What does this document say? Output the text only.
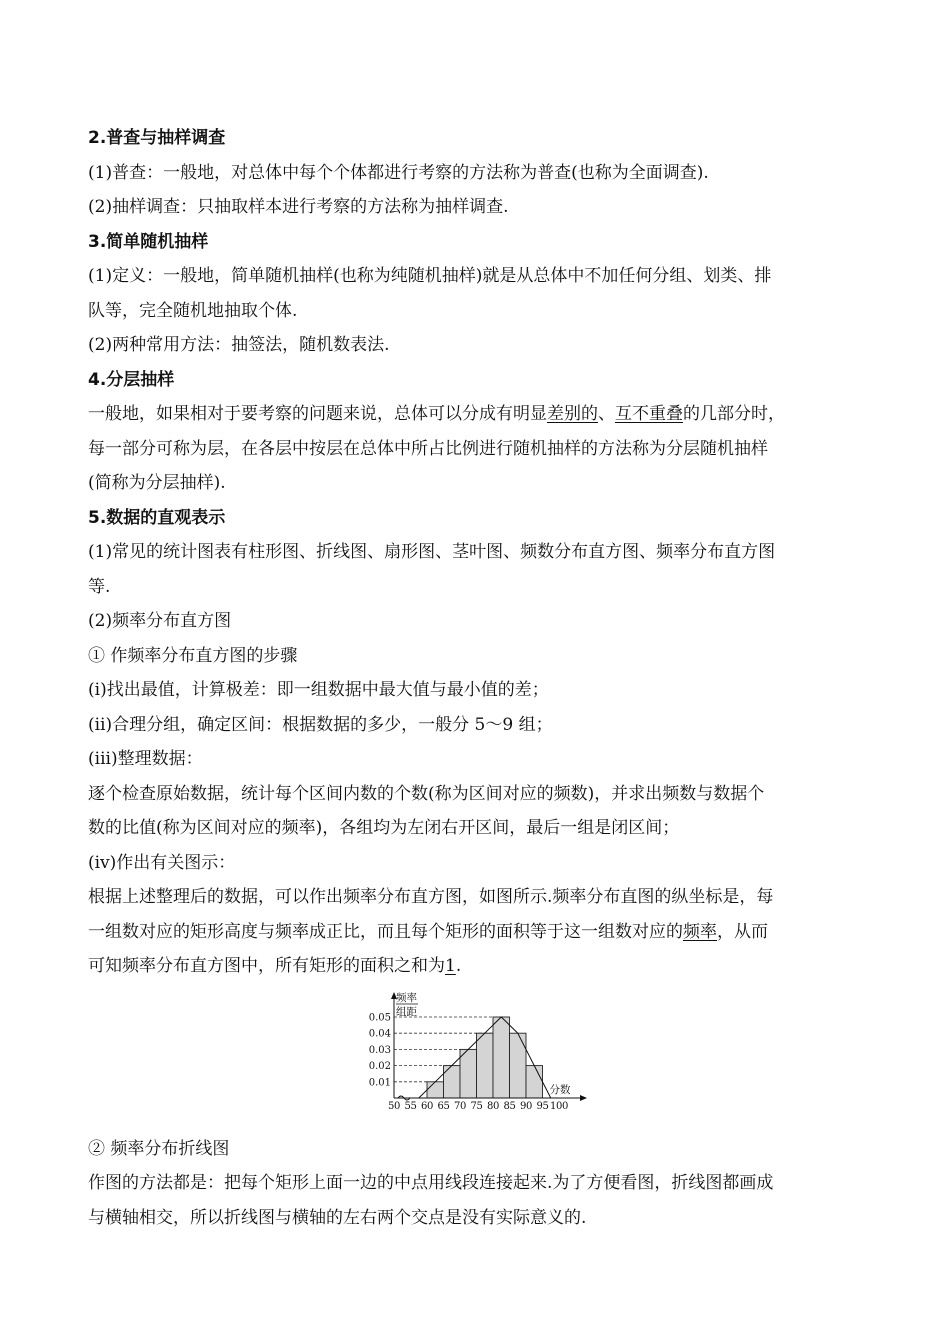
2.普查与抽样调查
(1)普查：一般地，对总体中每个个体都进行考察的方法称为普查(也称为全面调查).
(2)抽样调查：只抽取样本进行考察的方法称为抽样调查.
3.简单随机抽样
(1)定义：一般地，简单随机抽样(也称为纯随机抽样)就是从总体中不加任何分组、划类、排
队等，完全随机地抽取个体.
(2)两种常用方法：抽签法，随机数表法.
4.分层抽样
一般地，如果相对于要考察的问题来说，总体可以分成有明显差别的、互不重叠的几部分时，
每一部分可称为层，在各层中按层在总体中所占比例进行随机抽样的方法称为分层随机抽样
(简称为分层抽样).
5.数据的直观表示
(1)常见的统计图表有柱形图、折线图、扇形图、茎叶图、频数分布直方图、频率分布直方图
等.
(2)频率分布直方图
① 作频率分布直方图的步骤
(ⅰ)找出最值，计算极差：即一组数据中最大值与最小值的差；
(ⅱ)合理分组，确定区间：根据数据的多少，一般分 5～9 组；
(iii)整理数据：
逐个检查原始数据，统计每个区间内数的个数(称为区间对应的频数)，并求出频数与数据个
数的比值(称为区间对应的频率)，各组均为左闭右开区间，最后一组是闭区间；
(ⅳ)作出有关图示：
根据上述整理后的数据，可以作出频率分布直方图，如图所示.频率分布直图的纵坐标是，每
一组数对应的矩形高度与频率成正比，而且每个矩形的面积等于这一组数对应的频率，从而
可知频率分布直方图中，所有矩形的面积之和为1.
频率
组距
0.05
0.04
0.03
0.02
0.01
50 55 60 65 70 75 80 85 90 95 100
分数
② 频率分布折线图
作图的方法都是：把每个矩形上面一边的中点用线段连接起来.为了方便看图，折线图都画成
与横轴相交，所以折线图与横轴的左右两个交点是没有实际意义的.
